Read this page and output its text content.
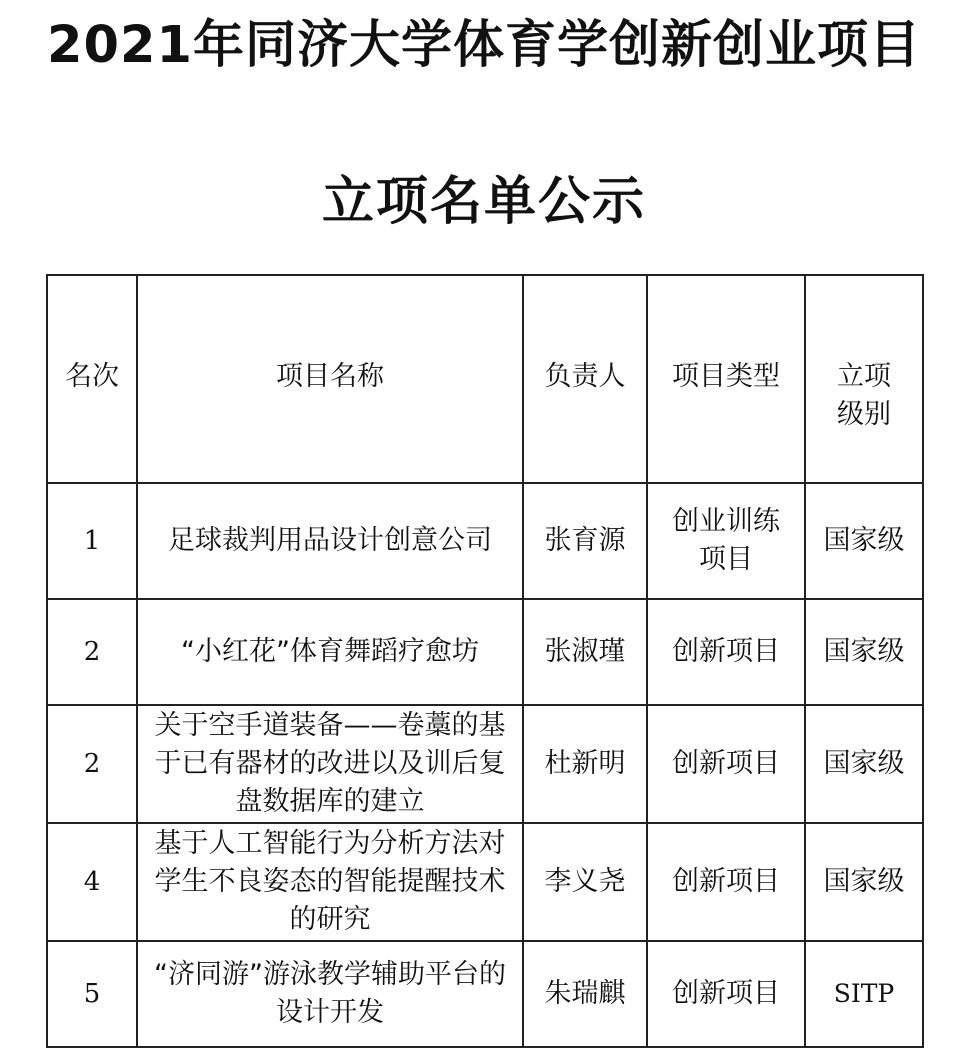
2021年同济大学体育学创新创业项目
立项名单公示
名次	项目名称	负责人	项目类型	立项级别
1	足球裁判用品设计创意公司	张育源	创业训练项目	国家级
2	“小红花”体育舞蹈疗愈坊	张淑瑾	创新项目	国家级
2	关于空手道装备——卷藁的基于已有器材的改进以及训后复盘数据库的建立	杜新明	创新项目	国家级
4	基于人工智能行为分析方法对学生不良姿态的智能提醒技术的研究	李义尧	创新项目	国家级
5	“济同游”游泳教学辅助平台的设计开发	朱瑞麒	创新项目	SITP
